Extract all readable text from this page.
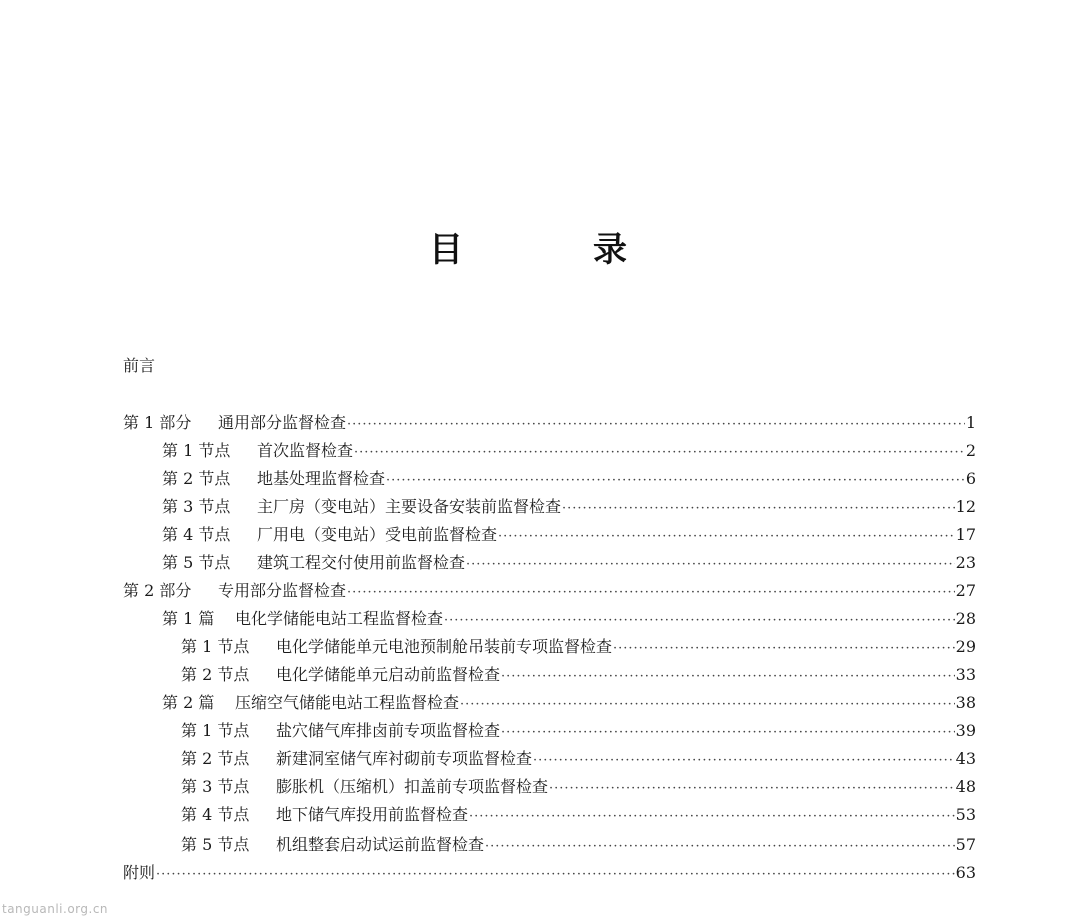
目　录
前言
第 1 部分 通用部分监督检查 ·····	1
第 1 节点 首次监督检查 ·····	2
第 2 节点 地基处理监督检查 ·····	6
第 3 节点 主厂房（变电站）主要设备安装前监督检查 ·····	12
第 4 节点 厂用电（变电站）受电前监督检查 ·····	17
第 5 节点 建筑工程交付使用前监督检查 ·····	23
第 2 部分 专用部分监督检查 ·····	27
第 1 篇 电化学储能电站工程监督检查 ·····	28
第 1 节点 电化学储能单元电池预制舱吊装前专项监督检查 ·····	29
第 2 节点 电化学储能单元启动前监督检查 ·····	33
第 2 篇 压缩空气储能电站工程监督检查 ·····	38
第 1 节点 盐穴储气库排卤前专项监督检查 ·····	39
第 2 节点 新建洞室储气库衬砌前专项监督检查 ·····	43
第 3 节点 膨胀机（压缩机）扣盖前专项监督检查 ·····	48
第 4 节点 地下储气库投用前监督检查 ·····	53
第 5 节点 机组整套启动试运前监督检查 ·····	57
附则 ·····	63
tanguanli.org.cn
